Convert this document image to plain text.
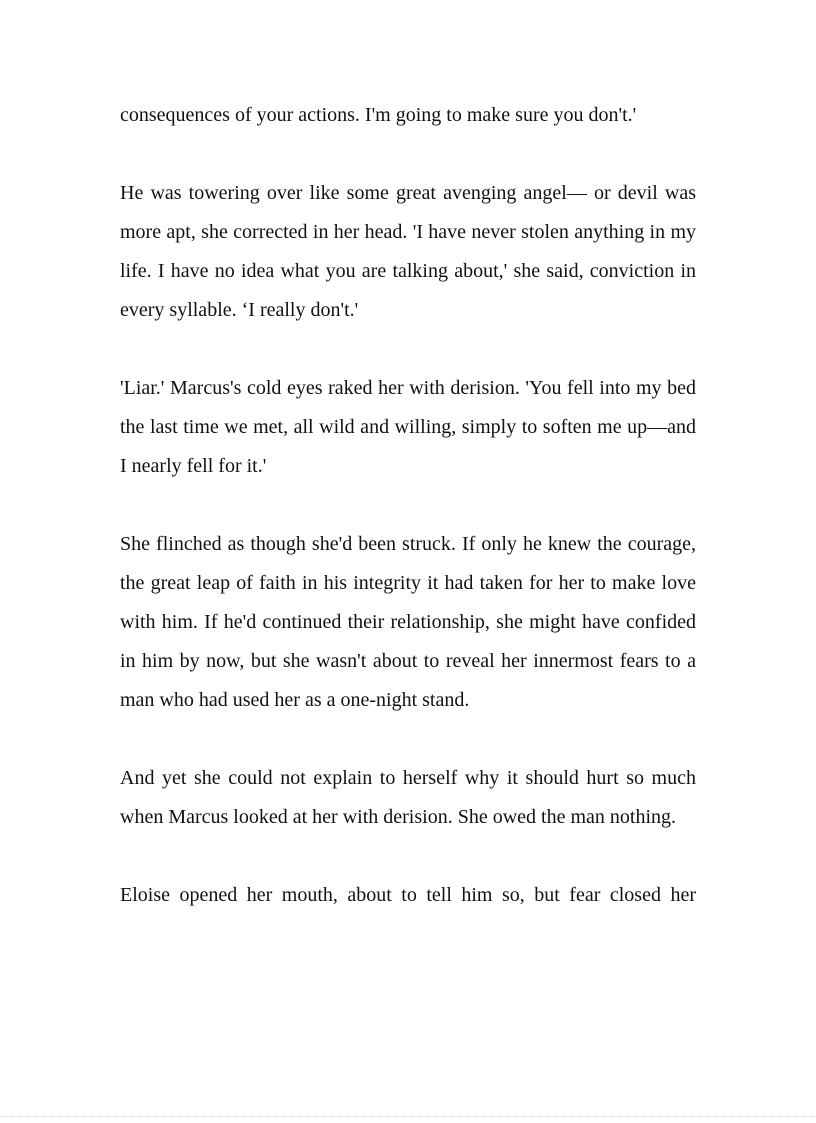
consequences of your actions. I'm going to make sure you don't.'

He was towering over like some great avenging angel— or devil was more apt, she corrected in her head. 'I have never stolen anything in my life. I have no idea what you are talking about,' she said, conviction in every syllable. ‘I really don't.'

'Liar.' Marcus's cold eyes raked her with derision. 'You fell into my bed the last time we met, all wild and willing, simply to soften me up—and I nearly fell for it.'

She flinched as though she'd been struck. If only he knew the courage, the great leap of faith in his integrity it had taken for her to make love with him. If he'd continued their relationship, she might have confided in him by now, but she wasn't about to reveal her innermost fears to a man who had used her as a one-night stand.

And yet she could not explain to herself why it should hurt so much when Marcus looked at her with derision. She owed the man nothing.

Eloise opened her mouth, about to tell him so, but fear closed her
